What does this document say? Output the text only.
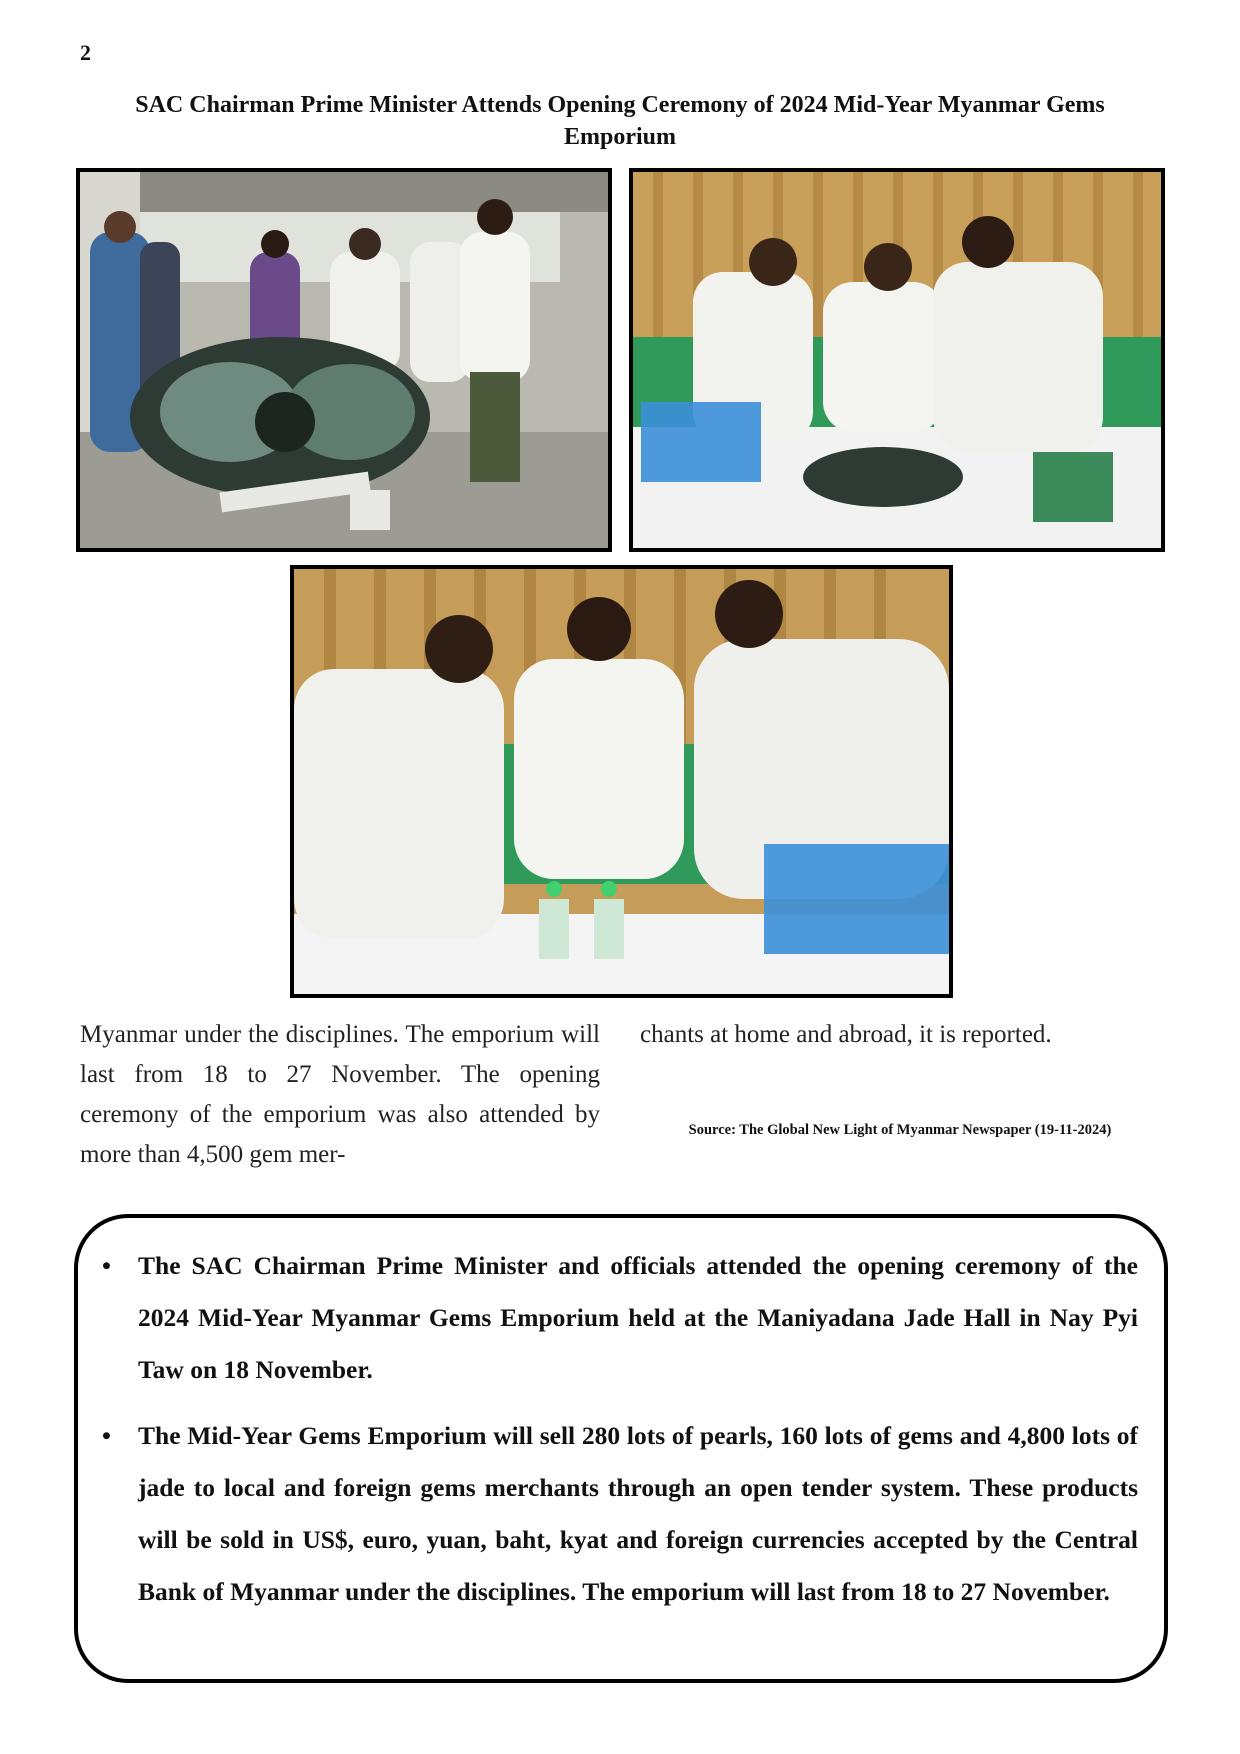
2
SAC Chairman Prime Minister Attends Opening Ceremony of 2024 Mid-Year Myanmar Gems Emporium
Myanmar under the disciplines. The emporium will last from 18 to 27 November. The opening ceremony of the emporium was also attended by more than 4,500 gem mer-
chants at home and abroad, it is reported.
Source: The Global New Light of Myanmar Newspaper (19-11-2024)
• The SAC Chairman Prime Minister and officials attended the opening ceremony of the 2024 Mid-Year Myanmar Gems Emporium held at the Maniyadana Jade Hall in Nay Pyi Taw on 18 November.
• The Mid-Year Gems Emporium will sell 280 lots of pearls, 160 lots of gems and 4,800 lots of jade to local and foreign gems merchants through an open tender system. These products will be sold in US$, euro, yuan, baht, kyat and foreign currencies accepted by the Central Bank of Myanmar under the disciplines. The emporium will last from 18 to 27 November.
